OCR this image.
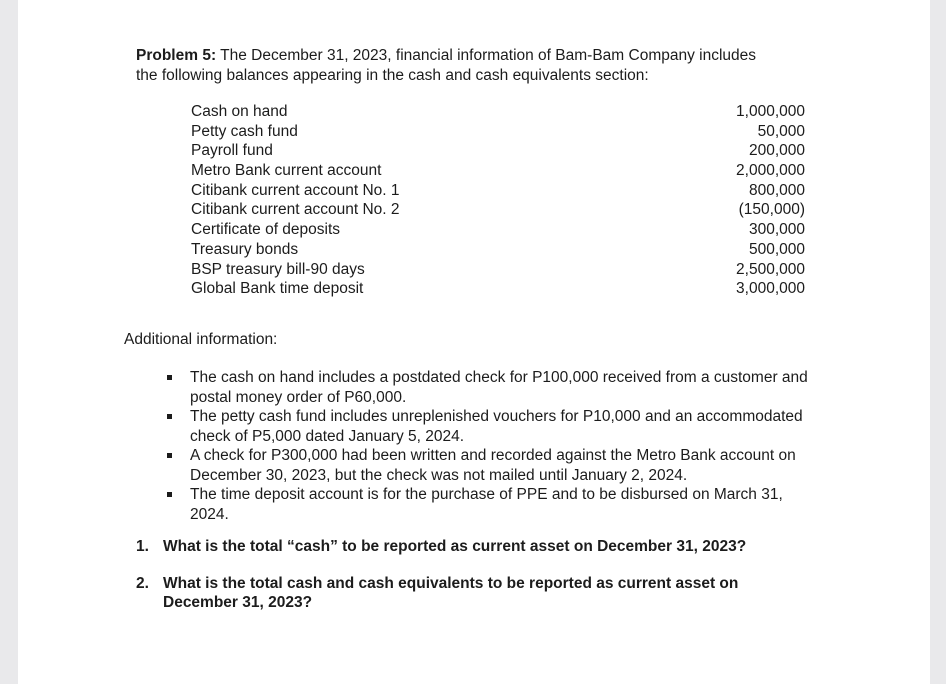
Problem 5: The December 31, 2023, financial information of Bam-Bam Company includes the following balances appearing in the cash and cash equivalents section:
Cash on hand	1,000,000
Petty cash fund	50,000
Payroll fund	200,000
Metro Bank current account	2,000,000
Citibank current account No. 1	800,000
Citibank current account No. 2	(150,000)
Certificate of deposits	300,000
Treasury bonds	500,000
BSP treasury bill-90 days	2,500,000
Global Bank time deposit	3,000,000
Additional information:
The cash on hand includes a postdated check for P100,000 received from a customer and postal money order of P60,000.
The petty cash fund includes unreplenished vouchers for P10,000 and an accommodated check of P5,000 dated January 5, 2024.
A check for P300,000 had been written and recorded against the Metro Bank account on December 30, 2023, but the check was not mailed until January 2, 2024.
The time deposit account is for the purchase of PPE and to be disbursed on March 31, 2024.
1. What is the total “cash” to be reported as current asset on December 31, 2023?
2. What is the total cash and cash equivalents to be reported as current asset on December 31, 2023?
